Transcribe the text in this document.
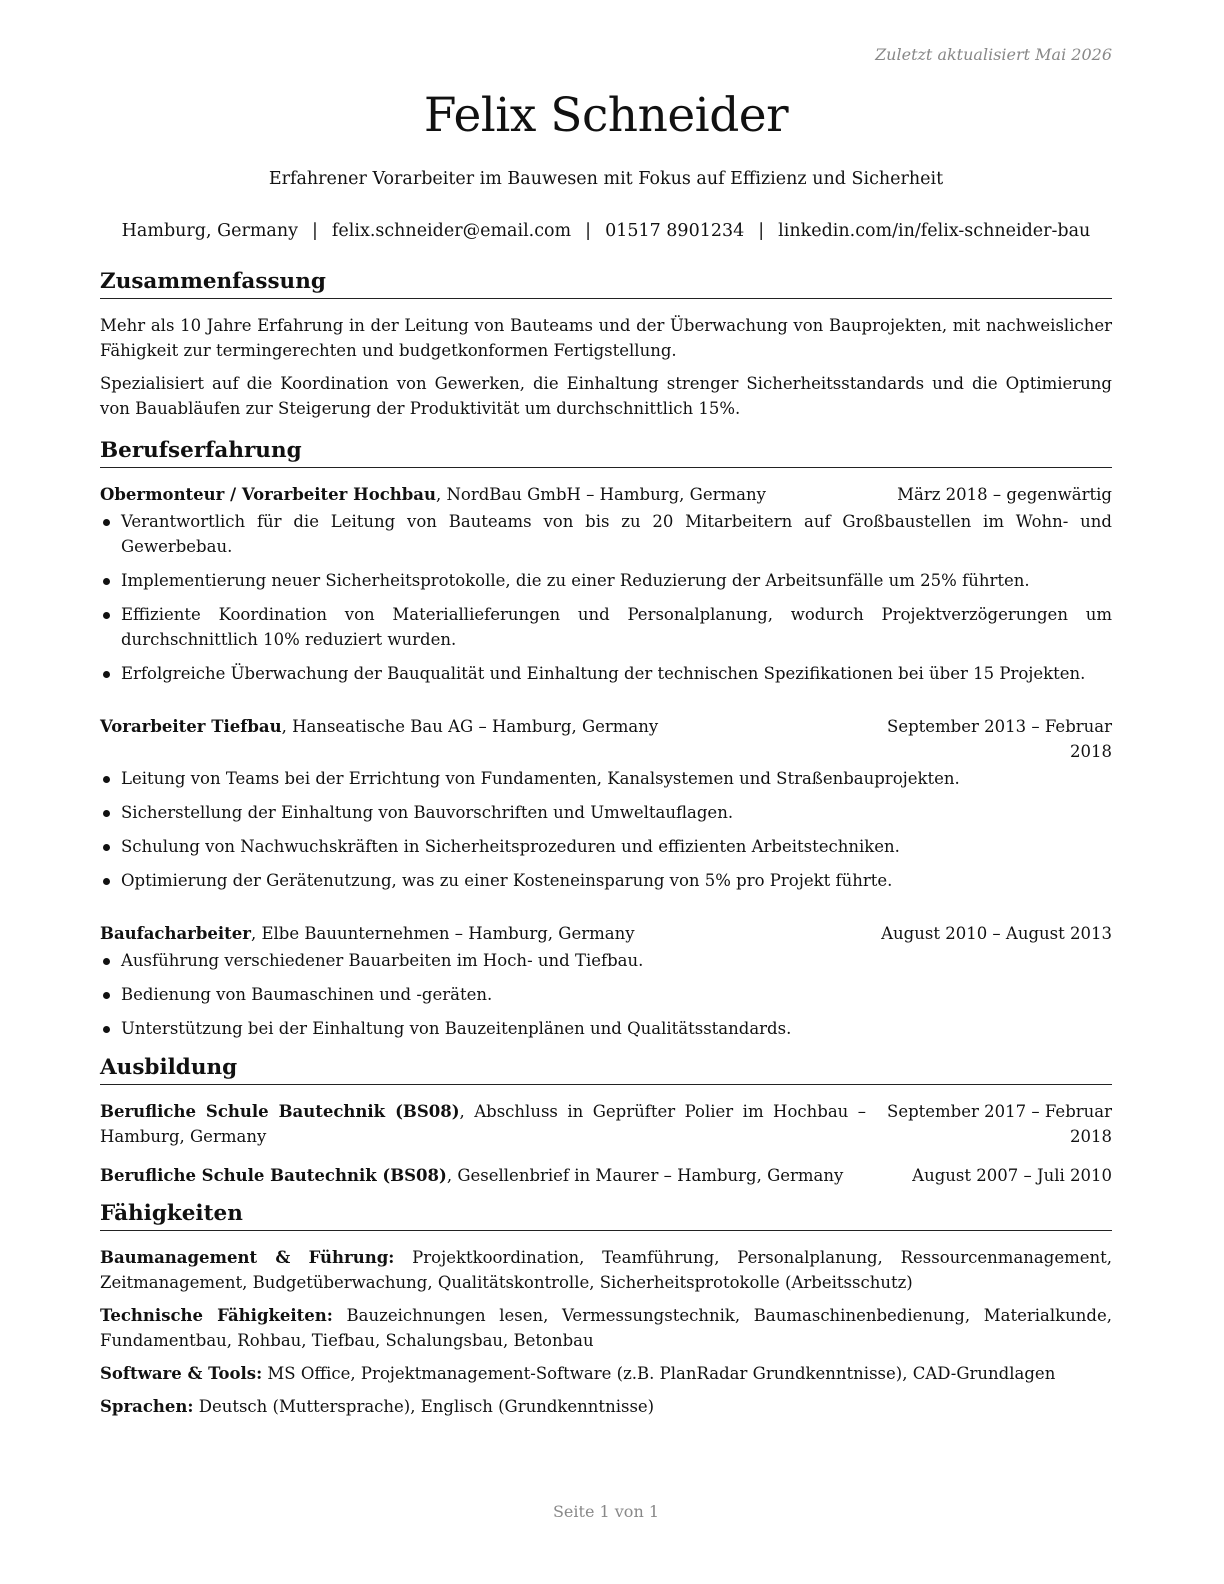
Zuletzt aktualisiert Mai 2026
Felix Schneider
Erfahrener Vorarbeiter im Bauwesen mit Fokus auf Effizienz und Sicherheit
Hamburg, Germany | felix.schneider@email.com | 01517 8901234 | linkedin.com/in/felix-schneider-bau
Zusammenfassung

Mehr als 10 Jahre Erfahrung in der Leitung von Bauteams und der Überwachung von Bauprojekten, mit nachweislicher Fähigkeit zur termingerechten und budgetkonformen Fertigstellung.

Spezialisiert auf die Koordination von Gewerken, die Einhaltung strenger Sicherheitsstandards und die Optimierung von Bauabläufen zur Steigerung der Produktivität um durchschnittlich 15%.

Berufserfahrung
Obermonteur / Vorarbeiter Hochbau, NordBau GmbH – Hamburg, Germany	März 2018 – gegenwärtig
Verantwortlich für die Leitung von Bauteams von bis zu 20 Mitarbeitern auf Großbaustellen im Wohn- und Gewerbebau.
Implementierung neuer Sicherheitsprotokolle, die zu einer Reduzierung der Arbeitsunfälle um 25% führten.
Effiziente Koordination von Materiallieferungen und Personalplanung, wodurch Projektverzögerungen um durchschnittlich 10% reduziert wurden.
Erfolgreiche Überwachung der Bauqualität und Einhaltung der technischen Spezifikationen bei über 15 Projekten.
Vorarbeiter Tiefbau, Hanseatische Bau AG – Hamburg, Germany	September 2013 – Februar 2018
Leitung von Teams bei der Errichtung von Fundamenten, Kanalsystemen und Straßenbauprojekten.
Sicherstellung der Einhaltung von Bauvorschriften und Umweltauflagen.
Schulung von Nachwuchskräften in Sicherheitsprozeduren und effizienten Arbeitstechniken.
Optimierung der Gerätenutzung, was zu einer Kosteneinsparung von 5% pro Projekt führte.
Baufacharbeiter, Elbe Bauunternehmen – Hamburg, Germany	August 2010 – August 2013
Ausführung verschiedener Bauarbeiten im Hoch- und Tiefbau.
Bedienung von Baumaschinen und -geräten.
Unterstützung bei der Einhaltung von Bauzeitenplänen und Qualitätsstandards.
Ausbildung
Berufliche Schule Bautechnik (BS08), Abschluss in Geprüfter Polier im Hochbau – Hamburg, Germany
September 2017 – Februar 2018
Berufliche Schule Bautechnik (BS08), Gesellenbrief in Maurer – Hamburg, Germany	August 2007 – Juli 2010
Fähigkeiten
Baumanagement & Führung: Projektkoordination, Teamführung, Personalplanung, Ressourcenmanagement, Zeitmanagement, Budgetüberwachung, Qualitätskontrolle, Sicherheitsprotokolle (Arbeitsschutz)
Technische Fähigkeiten: Bauzeichnungen lesen, Vermessungstechnik, Baumaschinenbedienung, Materialkunde, Fundamentbau, Rohbau, Tiefbau, Schalungsbau, Betonbau
Software & Tools: MS Office, Projektmanagement-Software (z.B. PlanRadar Grundkenntnisse), CAD-Grundlagen
Sprachen: Deutsch (Muttersprache), Englisch (Grundkenntnisse)
Seite 1 von 1
